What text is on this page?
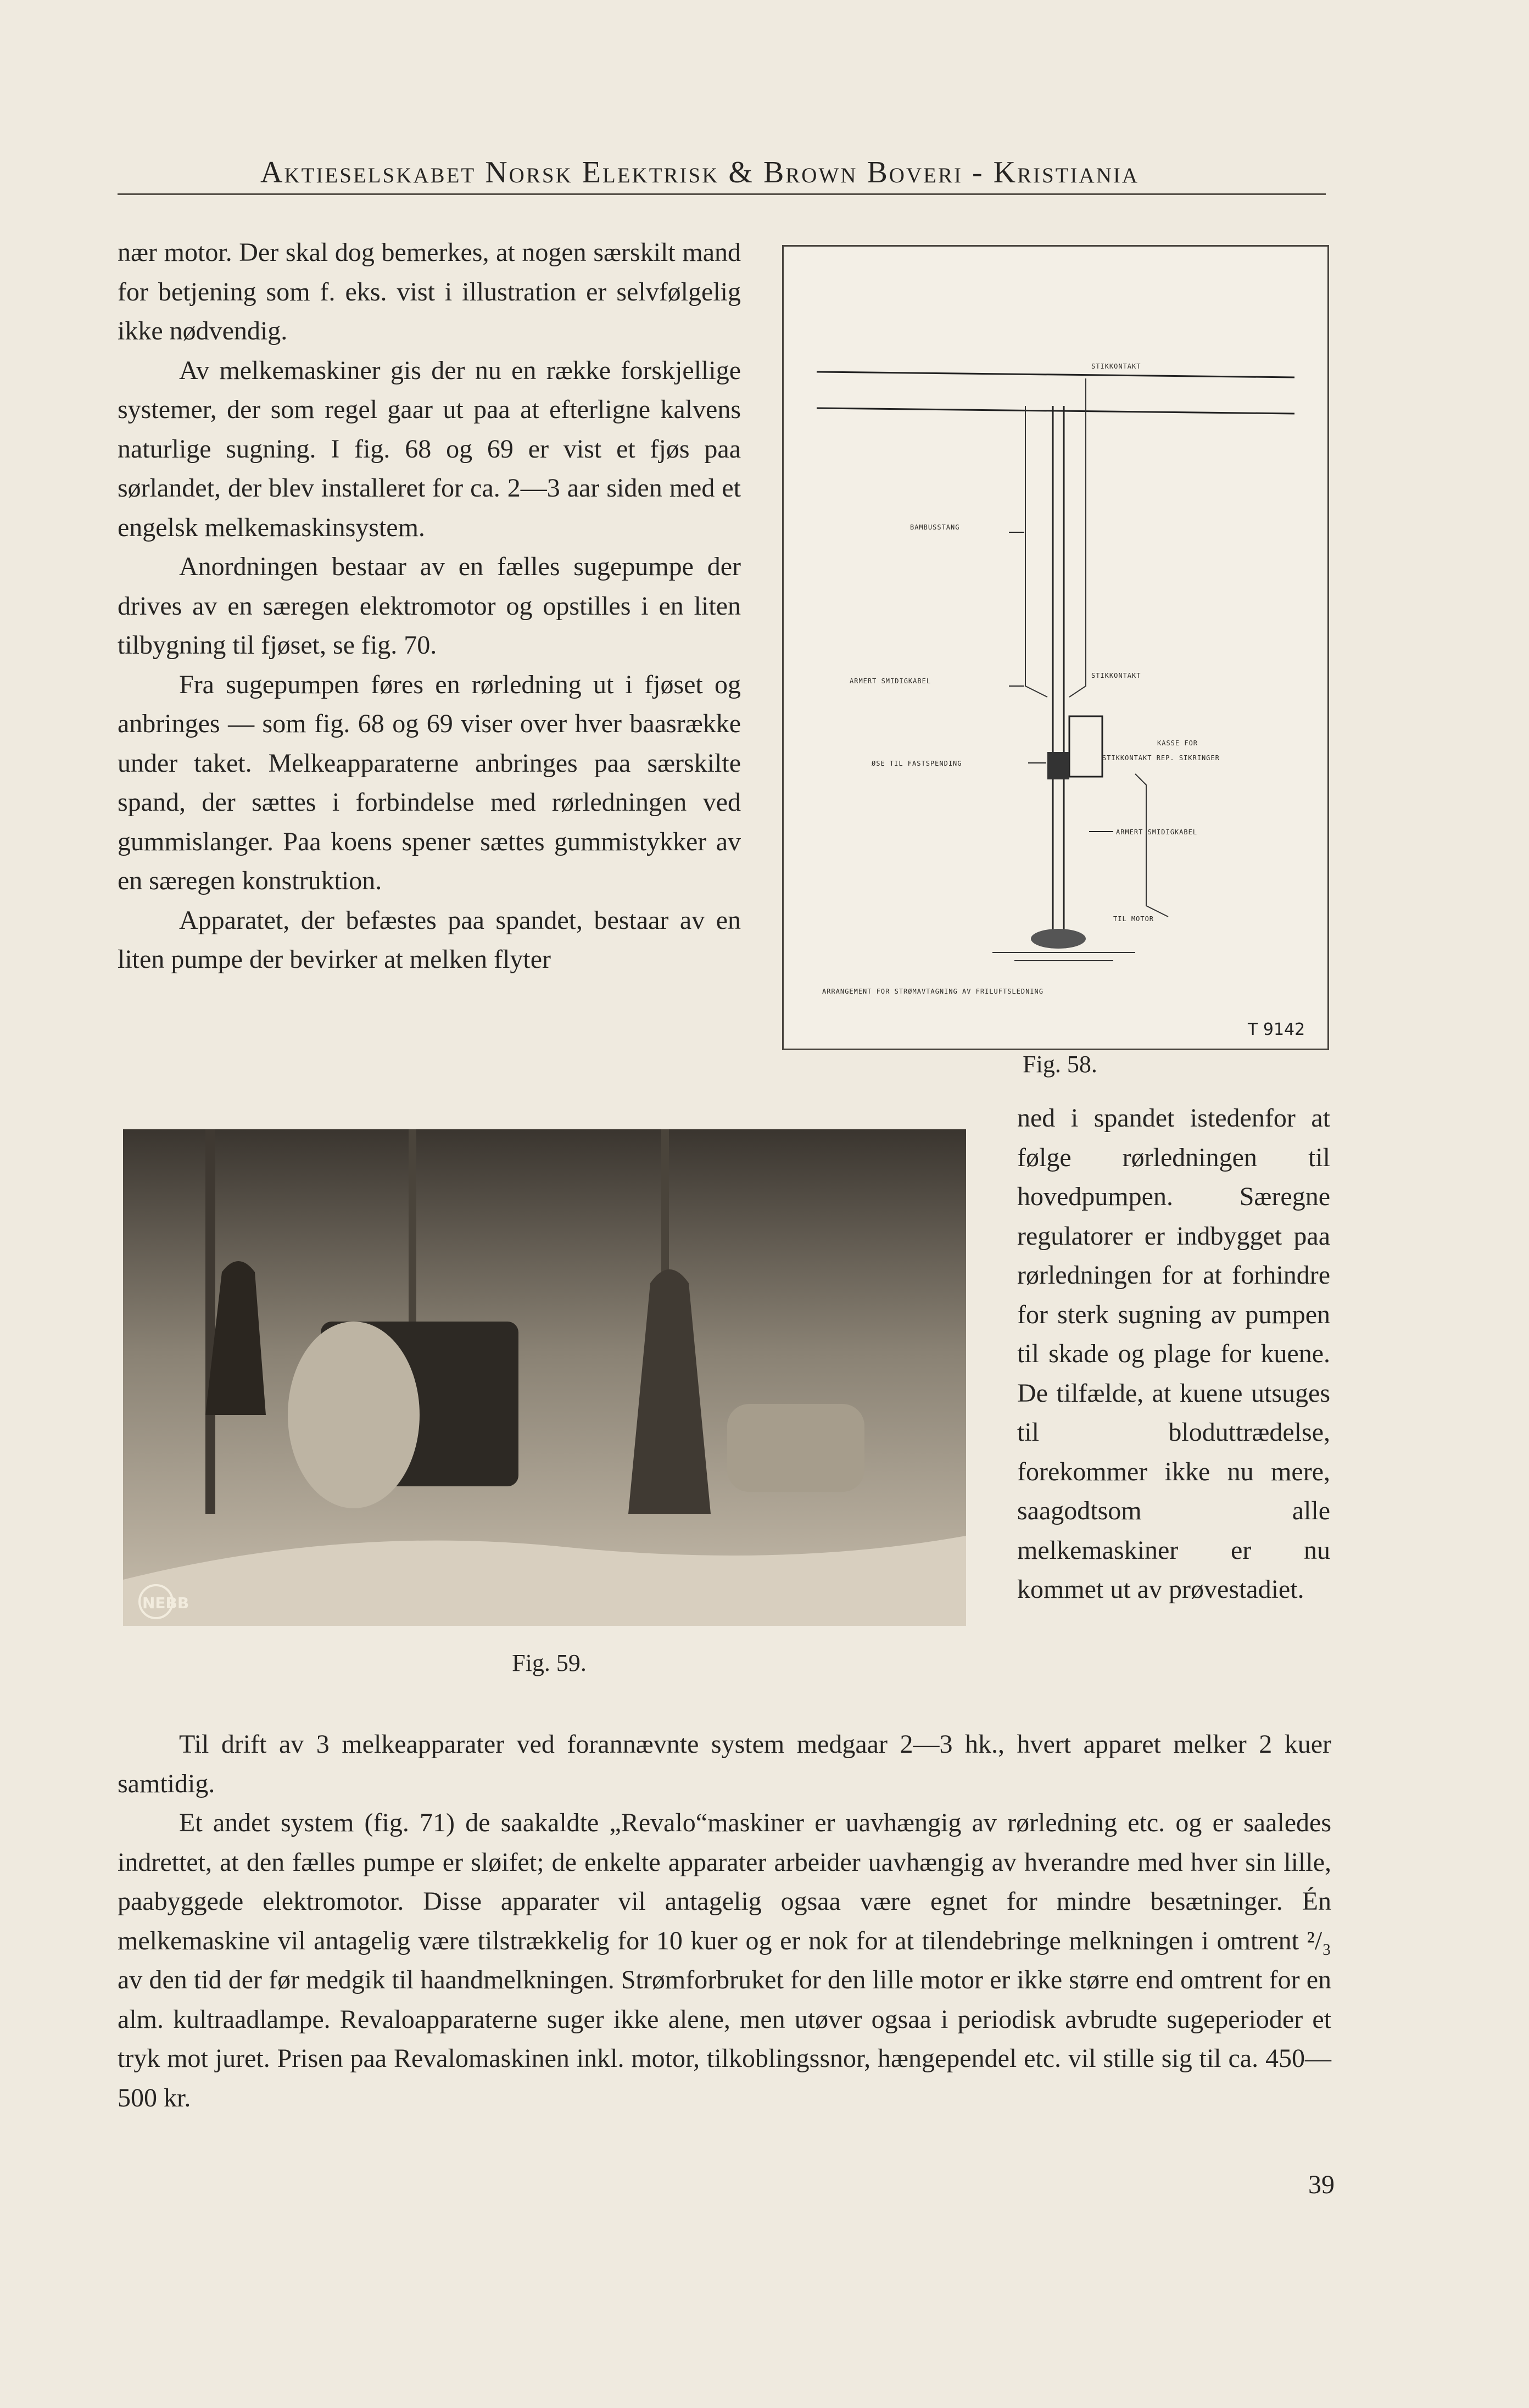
Aktieselskabet Norsk Elektrisk & Brown Boveri - Kristiania

nær motor. Der skal dog bemerkes, at nogen særskilt mand for betjening som f. eks. vist i illustration er selvfølgelig ikke nødvendig.

Av melkemaskiner gis der nu en række forskjellige systemer, der som regel gaar ut paa at efterligne kalvens naturlige sugning. I fig. 68 og 69 er vist et fjøs paa sørlandet, der blev installeret for ca. 2—3 aar siden med et engelsk melkemaskinsystem.

Anordningen bestaar av en fælles sugepumpe der drives av en særegen elektromotor og opstilles i en liten tilbygning til fjøset, se fig. 70.

Fra sugepumpen føres en rørledning ut i fjøset og anbringes — som fig. 68 og 69 viser over hver baasrække under taket. Melkeapparaterne anbringes paa særskilte spand, der sættes i forbindelse med rørledningen ved gummislanger. Paa koens spener sættes gummistykker av en særegen konstruktion.

Apparatet, der befæstes paa spandet, bestaar av en liten pumpe der bevirker at melken flyter

STIKKONTAKT
BAMBUSSTANG
ARMERT SMIDIGKABEL
STIKKONTAKT
KASSE FOR
ØSE TIL FASTSPENDING
STIKKONTAKT REP. SIKRINGER
ARMERT SMIDIGKABEL
TIL MOTOR
ARRANGEMENT FOR STRØMAVTAGNING AV FRILUFTSLEDNING
T 9142
Fig. 58.

ned i spandet istedenfor at følge rørledningen til hovedpumpen. Særegne regulatorer er indbygget paa rørledningen for at forhindre for sterk sugning av pumpen til skade og plage for kuene. De tilfælde, at kuene utsuges til bloduttrædelse, forekommer ikke nu mere, saagodtsom alle melkemaskiner er nu kommet ut av prøvestadiet.

NEBB
Fig. 59.

Til drift av 3 melkeapparater ved forannævnte system medgaar 2—3 hk., hvert apparet melker 2 kuer samtidig.

Et andet system (fig. 71) de saakaldte „Revalo“maskiner er uavhængig av rørledning etc. og er saaledes indrettet, at den fælles pumpe er sløifet; de enkelte apparater arbeider uavhængig av hverandre med hver sin lille, paabyggede elektromotor. Disse apparater vil antagelig ogsaa være egnet for mindre besætninger. Én melkemaskine vil antagelig være tilstrækkelig for 10 kuer og er nok for at tilendebringe melkningen i omtrent ²/₃ av den tid der før medgik til haandmelkningen. Strømforbruket for den lille motor er ikke større end omtrent for en alm. kultraadlampe. Revaloapparaterne suger ikke alene, men utøver ogsaa i periodisk avbrudte sugeperioder et tryk mot juret. Prisen paa Revalomaskinen inkl. motor, tilkoblingssnor, hængependel etc. vil stille sig til ca. 450—500 kr.

39
